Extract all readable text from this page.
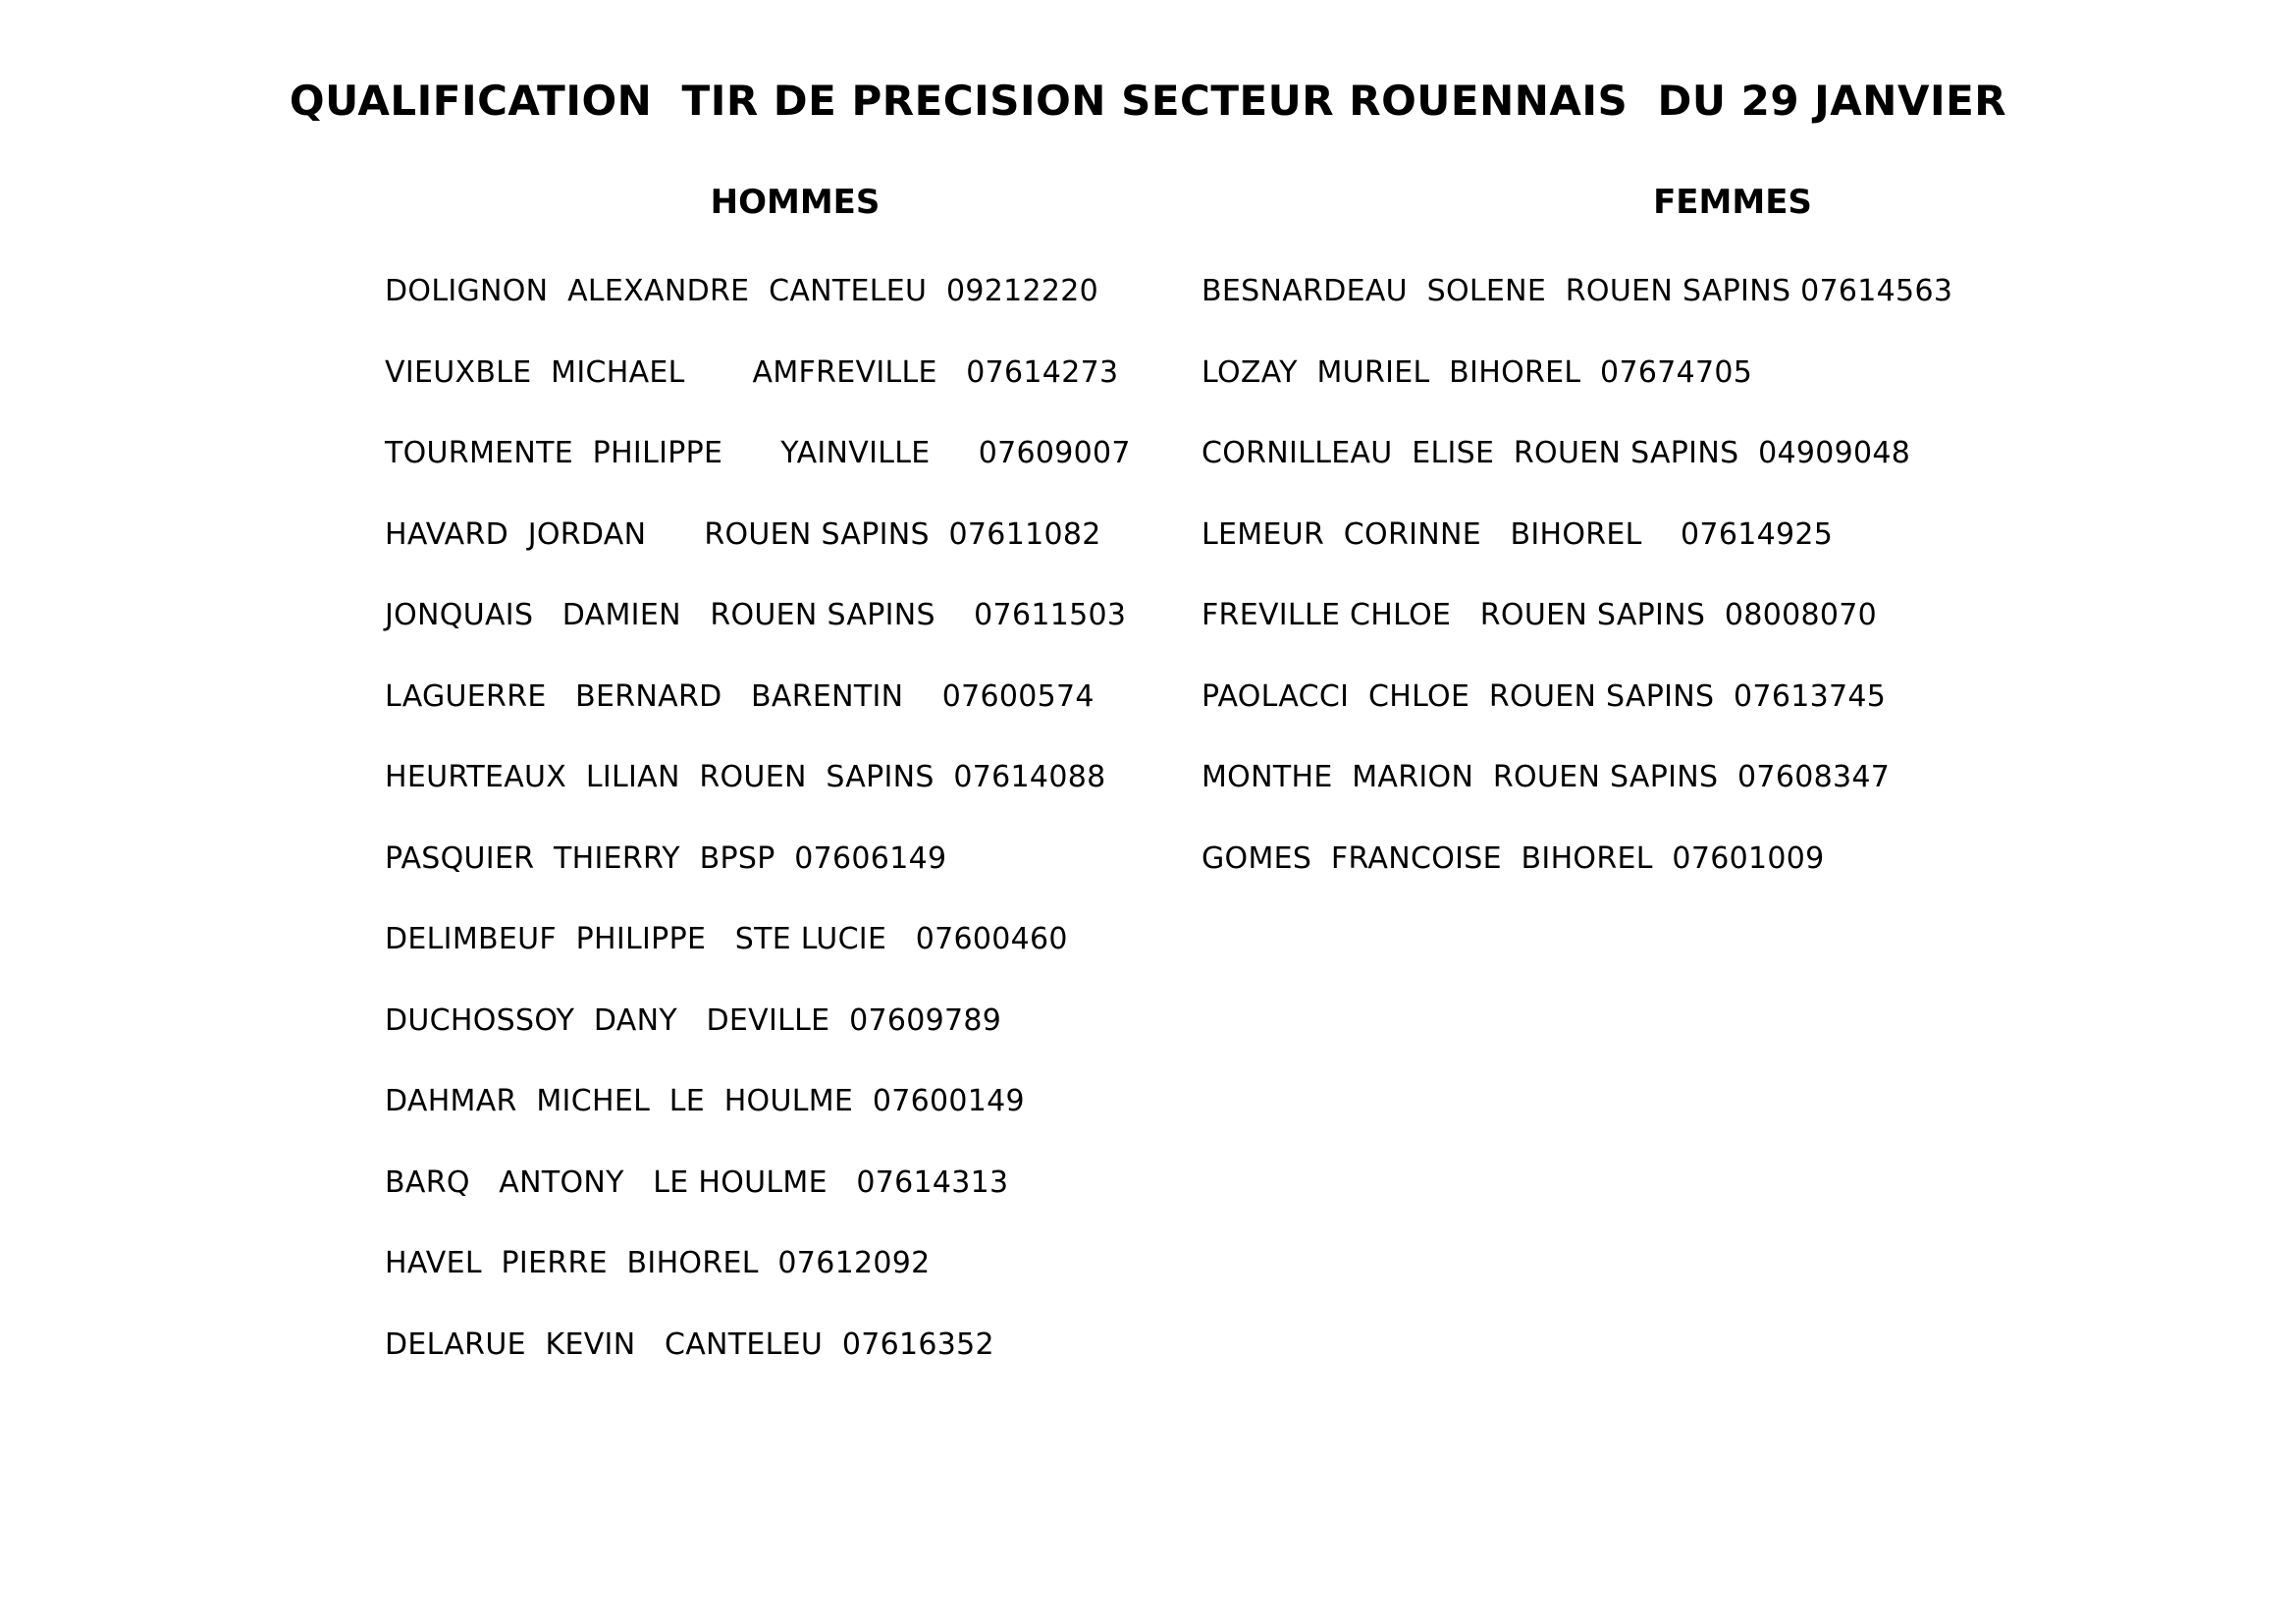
QUALIFICATION  TIR DE PRECISION SECTEUR ROUENNAIS  DU 29 JANVIER
HOMMES	FEMMES
DOLIGNON  ALEXANDRE  CANTELEU  09212220
VIEUXBLE  MICHAEL       AMFREVILLE   07614273
TOURMENTE  PHILIPPE      YAINVILLE     07609007
HAVARD  JORDAN      ROUEN SAPINS  07611082
JONQUAIS   DAMIEN   ROUEN SAPINS    07611503
LAGUERRE   BERNARD   BARENTIN    07600574
HEURTEAUX  LILIAN  ROUEN  SAPINS  07614088
PASQUIER  THIERRY  BPSP  07606149
DELIMBEUF  PHILIPPE   STE LUCIE   07600460
DUCHOSSOY  DANY   DEVILLE  07609789
DAHMAR  MICHEL  LE  HOULME  07600149
BARQ   ANTONY   LE HOULME   07614313
HAVEL  PIERRE  BIHOREL  07612092
DELARUE  KEVIN   CANTELEU  07616352
BESNARDEAU  SOLENE  ROUEN SAPINS 07614563
LOZAY  MURIEL  BIHOREL  07674705
CORNILLEAU  ELISE  ROUEN SAPINS  04909048
LEMEUR  CORINNE   BIHOREL    07614925
FREVILLE CHLOE   ROUEN SAPINS  08008070
PAOLACCI  CHLOE  ROUEN SAPINS  07613745
MONTHE  MARION  ROUEN SAPINS  07608347
GOMES  FRANCOISE  BIHOREL  07601009
